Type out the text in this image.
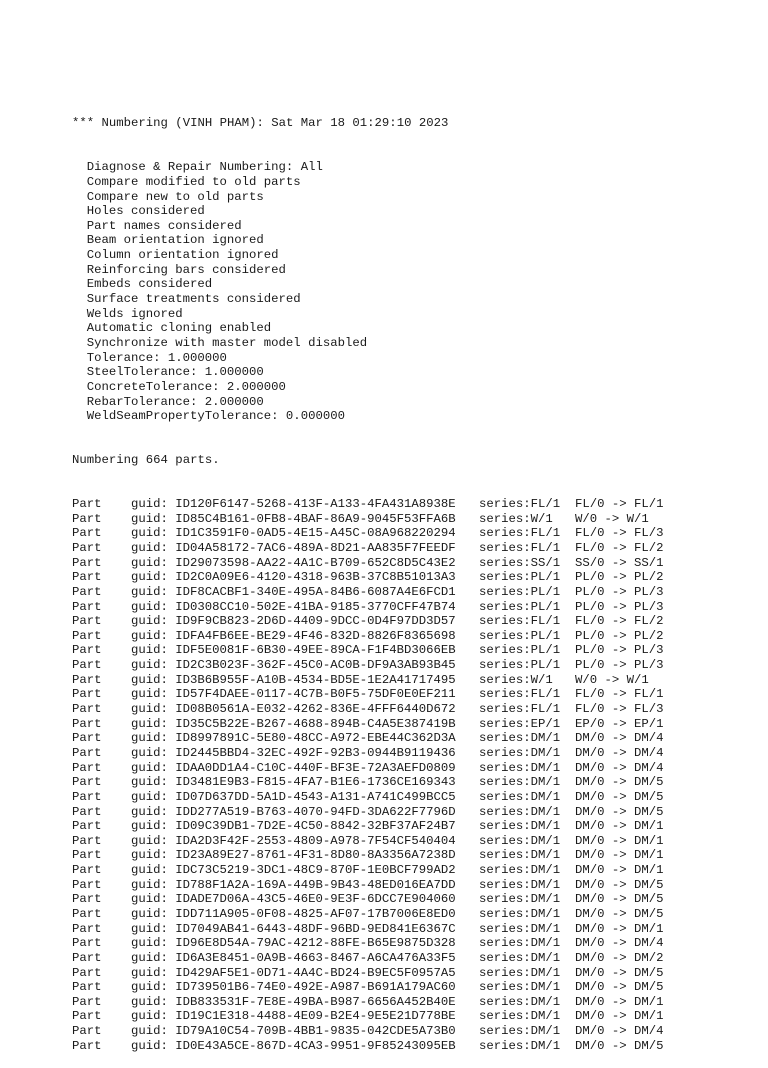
*** Numbering (VINH PHAM): Sat Mar 18 01:29:10 2023

Diagnose & Repair Numbering: All
Compare modified to old parts
Compare new to old parts
Holes considered
Part names considered
Beam orientation ignored
Column orientation ignored
Reinforcing bars considered
Embeds considered
Surface treatments considered
Welds ignored
Automatic cloning enabled
Synchronize with master model disabled
Tolerance: 1.000000
SteelTolerance: 1.000000
ConcreteTolerance: 2.000000
RebarTolerance: 2.000000
WeldSeamPropertyTolerance: 0.000000

Numbering 664 parts.

Part guid: ID120F6147-5268-413F-A133-4FA431A8938E series:FL/1 FL/0 -> FL/1
Part guid: ID85C4B161-0FB8-4BAF-86A9-9045F53FFA6B series:W/1 W/0 -> W/1
Part guid: ID1C3591F0-0AD5-4E15-A45C-08A968220294 series:FL/1 FL/0 -> FL/3
Part guid: ID04A58172-7AC6-489A-8D21-AA835F7FEEDF series:FL/1 FL/0 -> FL/2
Part guid: ID29073598-AA22-4A1C-B709-652C8D5C43E2 series:SS/1 SS/0 -> SS/1
Part guid: ID2C0A09E6-4120-4318-963B-37C8B51013A3 series:PL/1 PL/0 -> PL/2
Part guid: IDF8CACBF1-340E-495A-84B6-6087A4E6FCD1 series:PL/1 PL/0 -> PL/3
Part guid: ID0308CC10-502E-41BA-9185-3770CFF47B74 series:PL/1 PL/0 -> PL/3
Part guid: ID9F9CB823-2D6D-4409-9DCC-0D4F97DD3D57 series:FL/1 FL/0 -> FL/2
Part guid: IDFA4FB6EE-BE29-4F46-832D-8826F8365698 series:PL/1 PL/0 -> PL/2
Part guid: IDF5E0081F-6B30-49EE-89CA-F1F4BD3066EB series:PL/1 PL/0 -> PL/3
Part guid: ID2C3B023F-362F-45C0-AC0B-DF9A3AB93B45 series:PL/1 PL/0 -> PL/3
Part guid: ID3B6B955F-A10B-4534-BD5E-1E2A41717495 series:W/1 W/0 -> W/1
Part guid: ID57F4DAEE-0117-4C7B-B0F5-75DF0E0EF211 series:FL/1 FL/0 -> FL/1
Part guid: ID08B0561A-E032-4262-836E-4FFF6440D672 series:FL/1 FL/0 -> FL/3
Part guid: ID35C5B22E-B267-4688-894B-C4A5E387419B series:EP/1 EP/0 -> EP/1
Part guid: ID8997891C-5E80-48CC-A972-EBE44C362D3A series:DM/1 DM/0 -> DM/4
Part guid: ID2445BBD4-32EC-492F-92B3-0944B9119436 series:DM/1 DM/0 -> DM/4
Part guid: IDAA0DD1A4-C10C-440F-BF3E-72A3AEFD0809 series:DM/1 DM/0 -> DM/4
Part guid: ID3481E9B3-F815-4FA7-B1E6-1736CE169343 series:DM/1 DM/0 -> DM/5
Part guid: ID07D637DD-5A1D-4543-A131-A741C499BCC5 series:DM/1 DM/0 -> DM/5
Part guid: IDD277A519-B763-4070-94FD-3DA622F7796D series:DM/1 DM/0 -> DM/5
Part guid: ID09C39DB1-7D2E-4C50-8842-32BF37AF24B7 series:DM/1 DM/0 -> DM/1
Part guid: IDA2D3F42F-2553-4809-A978-7F54CF540404 series:DM/1 DM/0 -> DM/1
Part guid: ID23A89E27-8761-4F31-8D80-8A3356A7238D series:DM/1 DM/0 -> DM/1
Part guid: IDC73C5219-3DC1-48C9-870F-1E0BCF799AD2 series:DM/1 DM/0 -> DM/1
Part guid: ID788F1A2A-169A-449B-9B43-48ED016EA7DD series:DM/1 DM/0 -> DM/5
Part guid: IDADE7D06A-43C5-46E0-9E3F-6DCC7E904060 series:DM/1 DM/0 -> DM/5
Part guid: IDD711A905-0F08-4825-AF07-17B7006E8ED0 series:DM/1 DM/0 -> DM/5
Part guid: ID7049AB41-6443-48DF-96BD-9ED841E6367C series:DM/1 DM/0 -> DM/1
Part guid: ID96E8D54A-79AC-4212-88FE-B65E9875D328 series:DM/1 DM/0 -> DM/4
Part guid: ID6A3E8451-0A9B-4663-8467-A6CA476A33F5 series:DM/1 DM/0 -> DM/2
Part guid: ID429AF5E1-0D71-4A4C-BD24-B9EC5F0957A5 series:DM/1 DM/0 -> DM/5
Part guid: ID739501B6-74E0-492E-A987-B691A179AC60 series:DM/1 DM/0 -> DM/5
Part guid: IDB833531F-7E8E-49BA-B987-6656A452B40E series:DM/1 DM/0 -> DM/1
Part guid: ID19C1E318-4488-4E09-B2E4-9E5E21D778BE series:DM/1 DM/0 -> DM/1
Part guid: ID79A10C54-709B-4BB1-9835-042CDE5A73B0 series:DM/1 DM/0 -> DM/4
Part guid: ID0E43A5CE-867D-4CA3-9951-9F85243095EB series:DM/1 DM/0 -> DM/5
